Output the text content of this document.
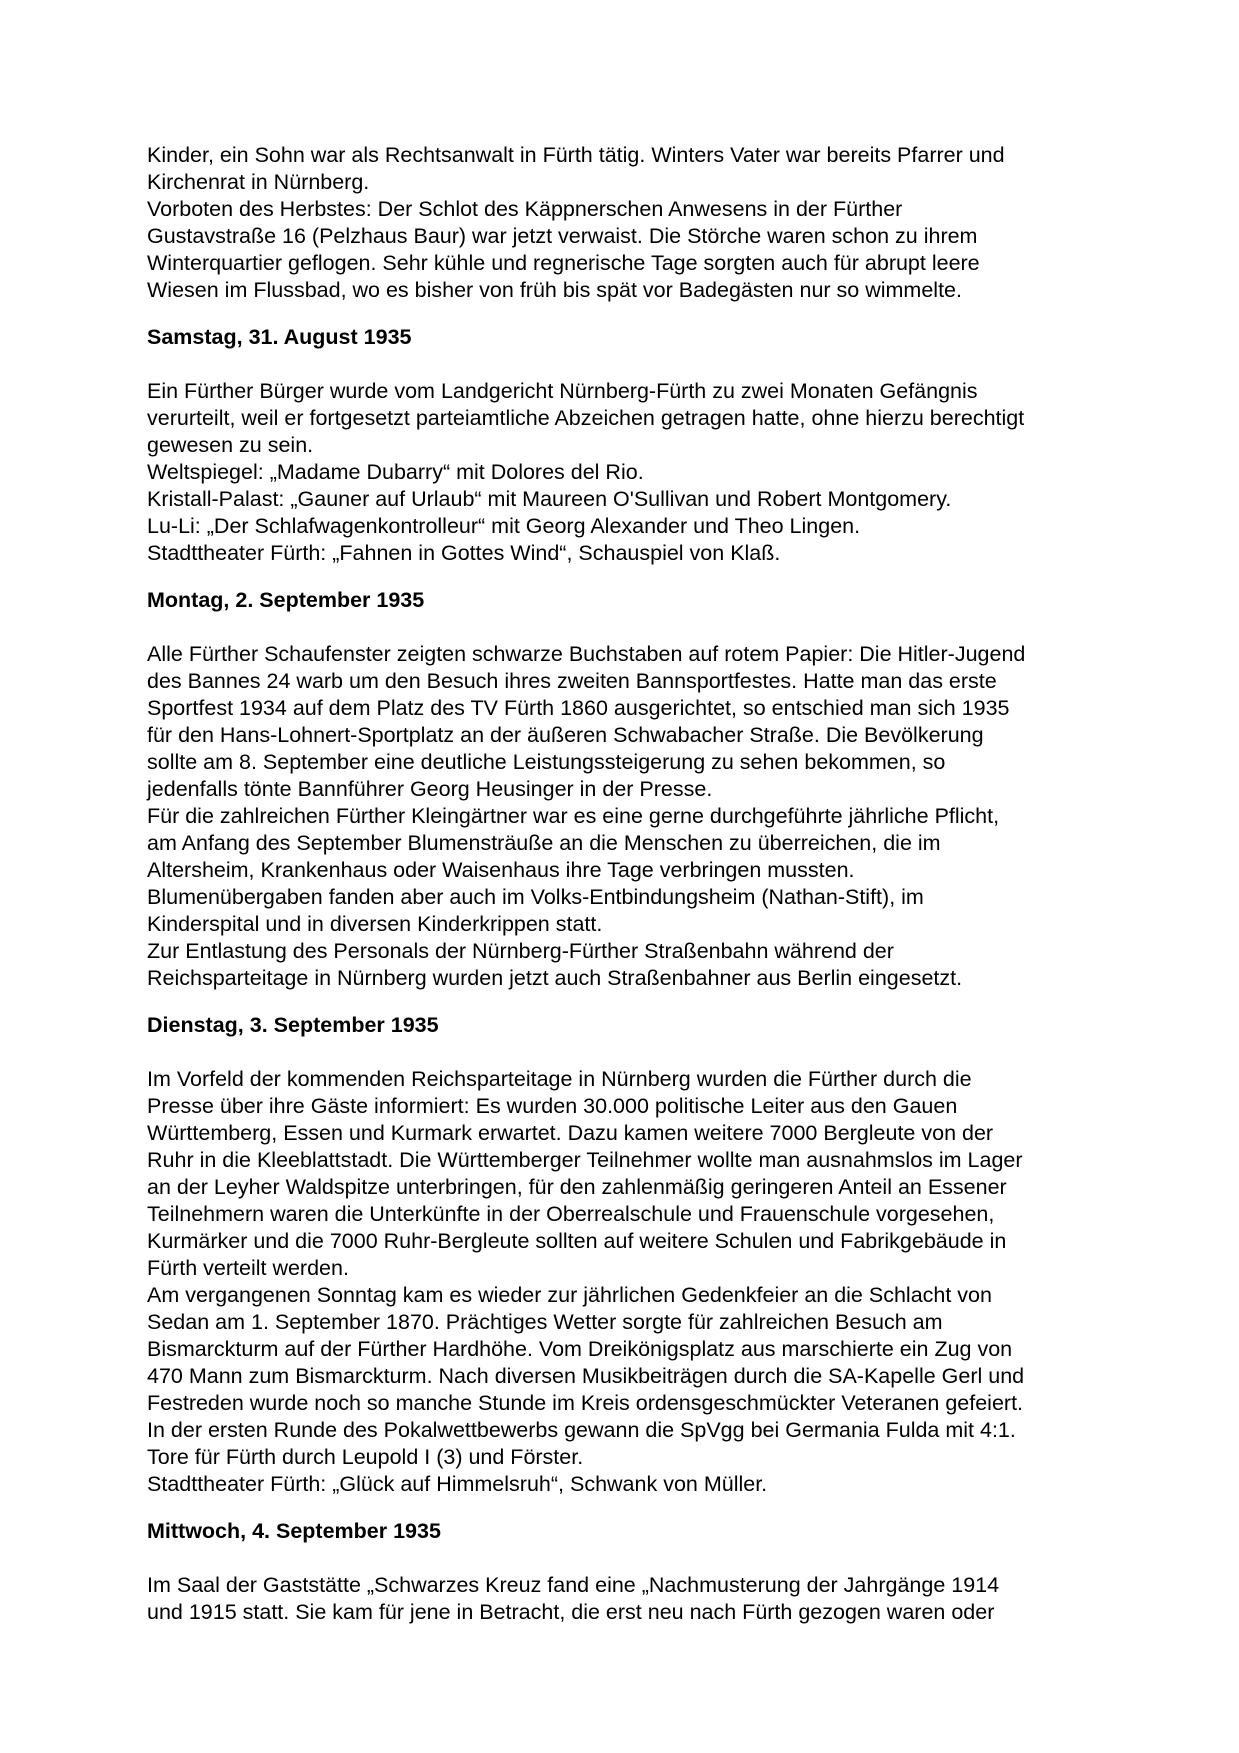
Kinder, ein Sohn war als Rechtsanwalt in Fürth tätig. Winters Vater war bereits Pfarrer und
Kirchenrat in Nürnberg.
Vorboten des Herbstes: Der Schlot des Käppnerschen Anwesens in der Fürther
Gustavstraße 16 (Pelzhaus Baur) war jetzt verwaist. Die Störche waren schon zu ihrem
Winterquartier geflogen. Sehr kühle und regnerische Tage sorgten auch für abrupt leere
Wiesen im Flussbad, wo es bisher von früh bis spät vor Badegästen nur so wimmelte.
Samstag, 31. August 1935
Ein Fürther Bürger wurde vom Landgericht Nürnberg-Fürth zu zwei Monaten Gefängnis
verurteilt, weil er fortgesetzt parteiamtliche Abzeichen getragen hatte, ohne hierzu berechtigt
gewesen zu sein.
Weltspiegel: „Madame Dubarry“ mit Dolores del Rio.
Kristall-Palast: „Gauner auf Urlaub“ mit Maureen O'Sullivan und Robert Montgomery.
Lu-Li: „Der Schlafwagenkontrolleur“ mit Georg Alexander und Theo Lingen.
Stadttheater Fürth: „Fahnen in Gottes Wind“, Schauspiel von Klaß.
Montag, 2. September 1935
Alle Fürther Schaufenster zeigten schwarze Buchstaben auf rotem Papier: Die Hitler-Jugend
des Bannes 24 warb um den Besuch ihres zweiten Bannsportfestes. Hatte man das erste
Sportfest 1934 auf dem Platz des TV Fürth 1860 ausgerichtet, so entschied man sich 1935
für den Hans-Lohnert-Sportplatz an der äußeren Schwabacher Straße. Die Bevölkerung
sollte am 8. September eine deutliche Leistungssteigerung zu sehen bekommen, so
jedenfalls tönte Bannführer Georg Heusinger in der Presse.
Für die zahlreichen Fürther Kleingärtner war es eine gerne durchgeführte jährliche Pflicht,
am Anfang des September Blumensträuße an die Menschen zu überreichen, die im
Altersheim, Krankenhaus oder Waisenhaus ihre Tage verbringen mussten.
Blumenübergaben fanden aber auch im Volks-Entbindungsheim (Nathan-Stift), im
Kinderspital und in diversen Kinderkrippen statt.
Zur Entlastung des Personals der Nürnberg-Fürther Straßenbahn während der
Reichsparteitage in Nürnberg wurden jetzt auch Straßenbahner aus Berlin eingesetzt.
Dienstag, 3. September 1935
Im Vorfeld der kommenden Reichsparteitage in Nürnberg wurden die Fürther durch die
Presse über ihre Gäste informiert: Es wurden 30.000 politische Leiter aus den Gauen
Württemberg, Essen und Kurmark erwartet. Dazu kamen weitere 7000 Bergleute von der
Ruhr in die Kleeblattstadt. Die Württemberger Teilnehmer wollte man ausnahmslos im Lager
an der Leyher Waldspitze unterbringen, für den zahlenmäßig geringeren Anteil an Essener
Teilnehmern waren die Unterkünfte in der Oberrealschule und Frauenschule vorgesehen,
Kurmärker und die 7000 Ruhr-Bergleute sollten auf weitere Schulen und Fabrikgebäude in
Fürth verteilt werden.
Am vergangenen Sonntag kam es wieder zur jährlichen Gedenkfeier an die Schlacht von
Sedan am 1. September 1870. Prächtiges Wetter sorgte für zahlreichen Besuch am
Bismarckturm auf der Fürther Hardhöhe. Vom Dreikönigsplatz aus marschierte ein Zug von
470 Mann zum Bismarckturm. Nach diversen Musikbeiträgen durch die SA-Kapelle Gerl und
Festreden wurde noch so manche Stunde im Kreis ordensgeschmückter Veteranen gefeiert.
In der ersten Runde des Pokalwettbewerbs gewann die SpVgg bei Germania Fulda mit 4:1.
Tore für Fürth durch Leupold I (3) und Förster.
Stadttheater Fürth: „Glück auf Himmelsruh“, Schwank von Müller.
Mittwoch, 4. September 1935
Im Saal der Gaststätte „Schwarzes Kreuz fand eine „Nachmusterung der Jahrgänge 1914
und 1915 statt. Sie kam für jene in Betracht, die erst neu nach Fürth gezogen waren oder
